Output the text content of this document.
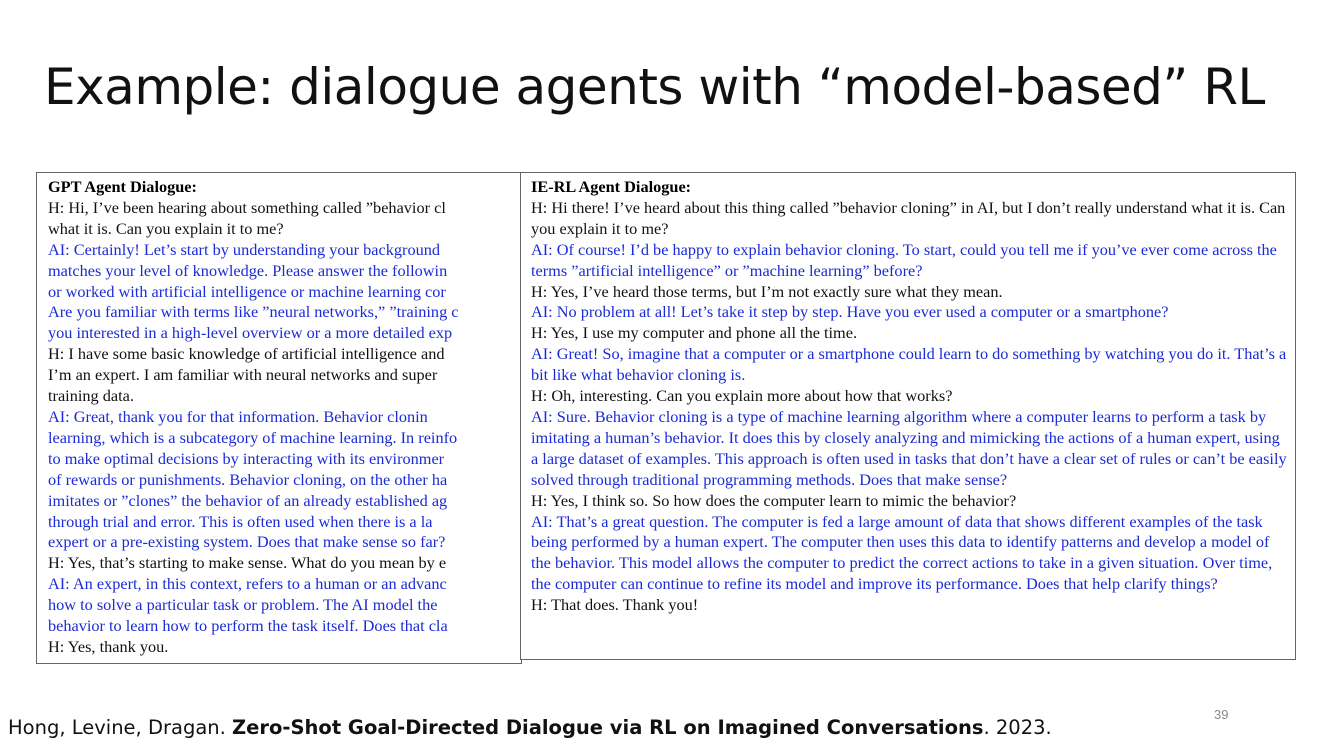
Example: dialogue agents with “model-based” RL
GPT Agent Dialogue:
H: Hi, I’ve been hearing about something called ”behavior cl
what it is. Can you explain it to me?
AI: Certainly! Let’s start by understanding your background
matches your level of knowledge. Please answer the followin
or worked with artificial intelligence or machine learning cor
Are you familiar with terms like ”neural networks,” ”training c
you interested in a high-level overview or a more detailed exp
H: I have some basic knowledge of artificial intelligence and
I’m an expert. I am familiar with neural networks and super
training data.
AI: Great, thank you for that information. Behavior clonin
learning, which is a subcategory of machine learning. In reinfo
to make optimal decisions by interacting with its environmer
of rewards or punishments. Behavior cloning, on the other ha
imitates or ”clones” the behavior of an already established ag
through trial and error. This is often used when there is a la
expert or a pre-existing system. Does that make sense so far?
H: Yes, that’s starting to make sense. What do you mean by e
AI: An expert, in this context, refers to a human or an advanc
how to solve a particular task or problem. The AI model the
behavior to learn how to perform the task itself. Does that cla
H: Yes, thank you.
IE-RL Agent Dialogue:
H: Hi there! I’ve heard about this thing called ”behavior cloning” in AI, but I don’t really understand what it is. Can you explain it to me?
AI: Of course! I’d be happy to explain behavior cloning. To start, could you tell me if you’ve ever come across the terms ”artificial intelligence” or ”machine learning” before?
H: Yes, I’ve heard those terms, but I’m not exactly sure what they mean.
AI: No problem at all! Let’s take it step by step. Have you ever used a computer or a smartphone?
H: Yes, I use my computer and phone all the time.
AI: Great! So, imagine that a computer or a smartphone could learn to do something by watching you do it. That’s a bit like what behavior cloning is.
H: Oh, interesting. Can you explain more about how that works?
AI: Sure. Behavior cloning is a type of machine learning algorithm where a computer learns to perform a task by imitating a human’s behavior. It does this by closely analyzing and mimicking the actions of a human expert, using a large dataset of examples. This approach is often used in tasks that don’t have a clear set of rules or can’t be easily solved through traditional programming methods. Does that make sense?
H: Yes, I think so. So how does the computer learn to mimic the behavior?
AI: That’s a great question. The computer is fed a large amount of data that shows different examples of the task being performed by a human expert. The computer then uses this data to identify patterns and develop a model of the behavior. This model allows the computer to predict the correct actions to take in a given situation. Over time, the computer can continue to refine its model and improve its performance. Does that help clarify things?
H: That does. Thank you!
39
Hong, Levine, Dragan. Zero-Shot Goal-Directed Dialogue via RL on Imagined Conversations. 2023.
